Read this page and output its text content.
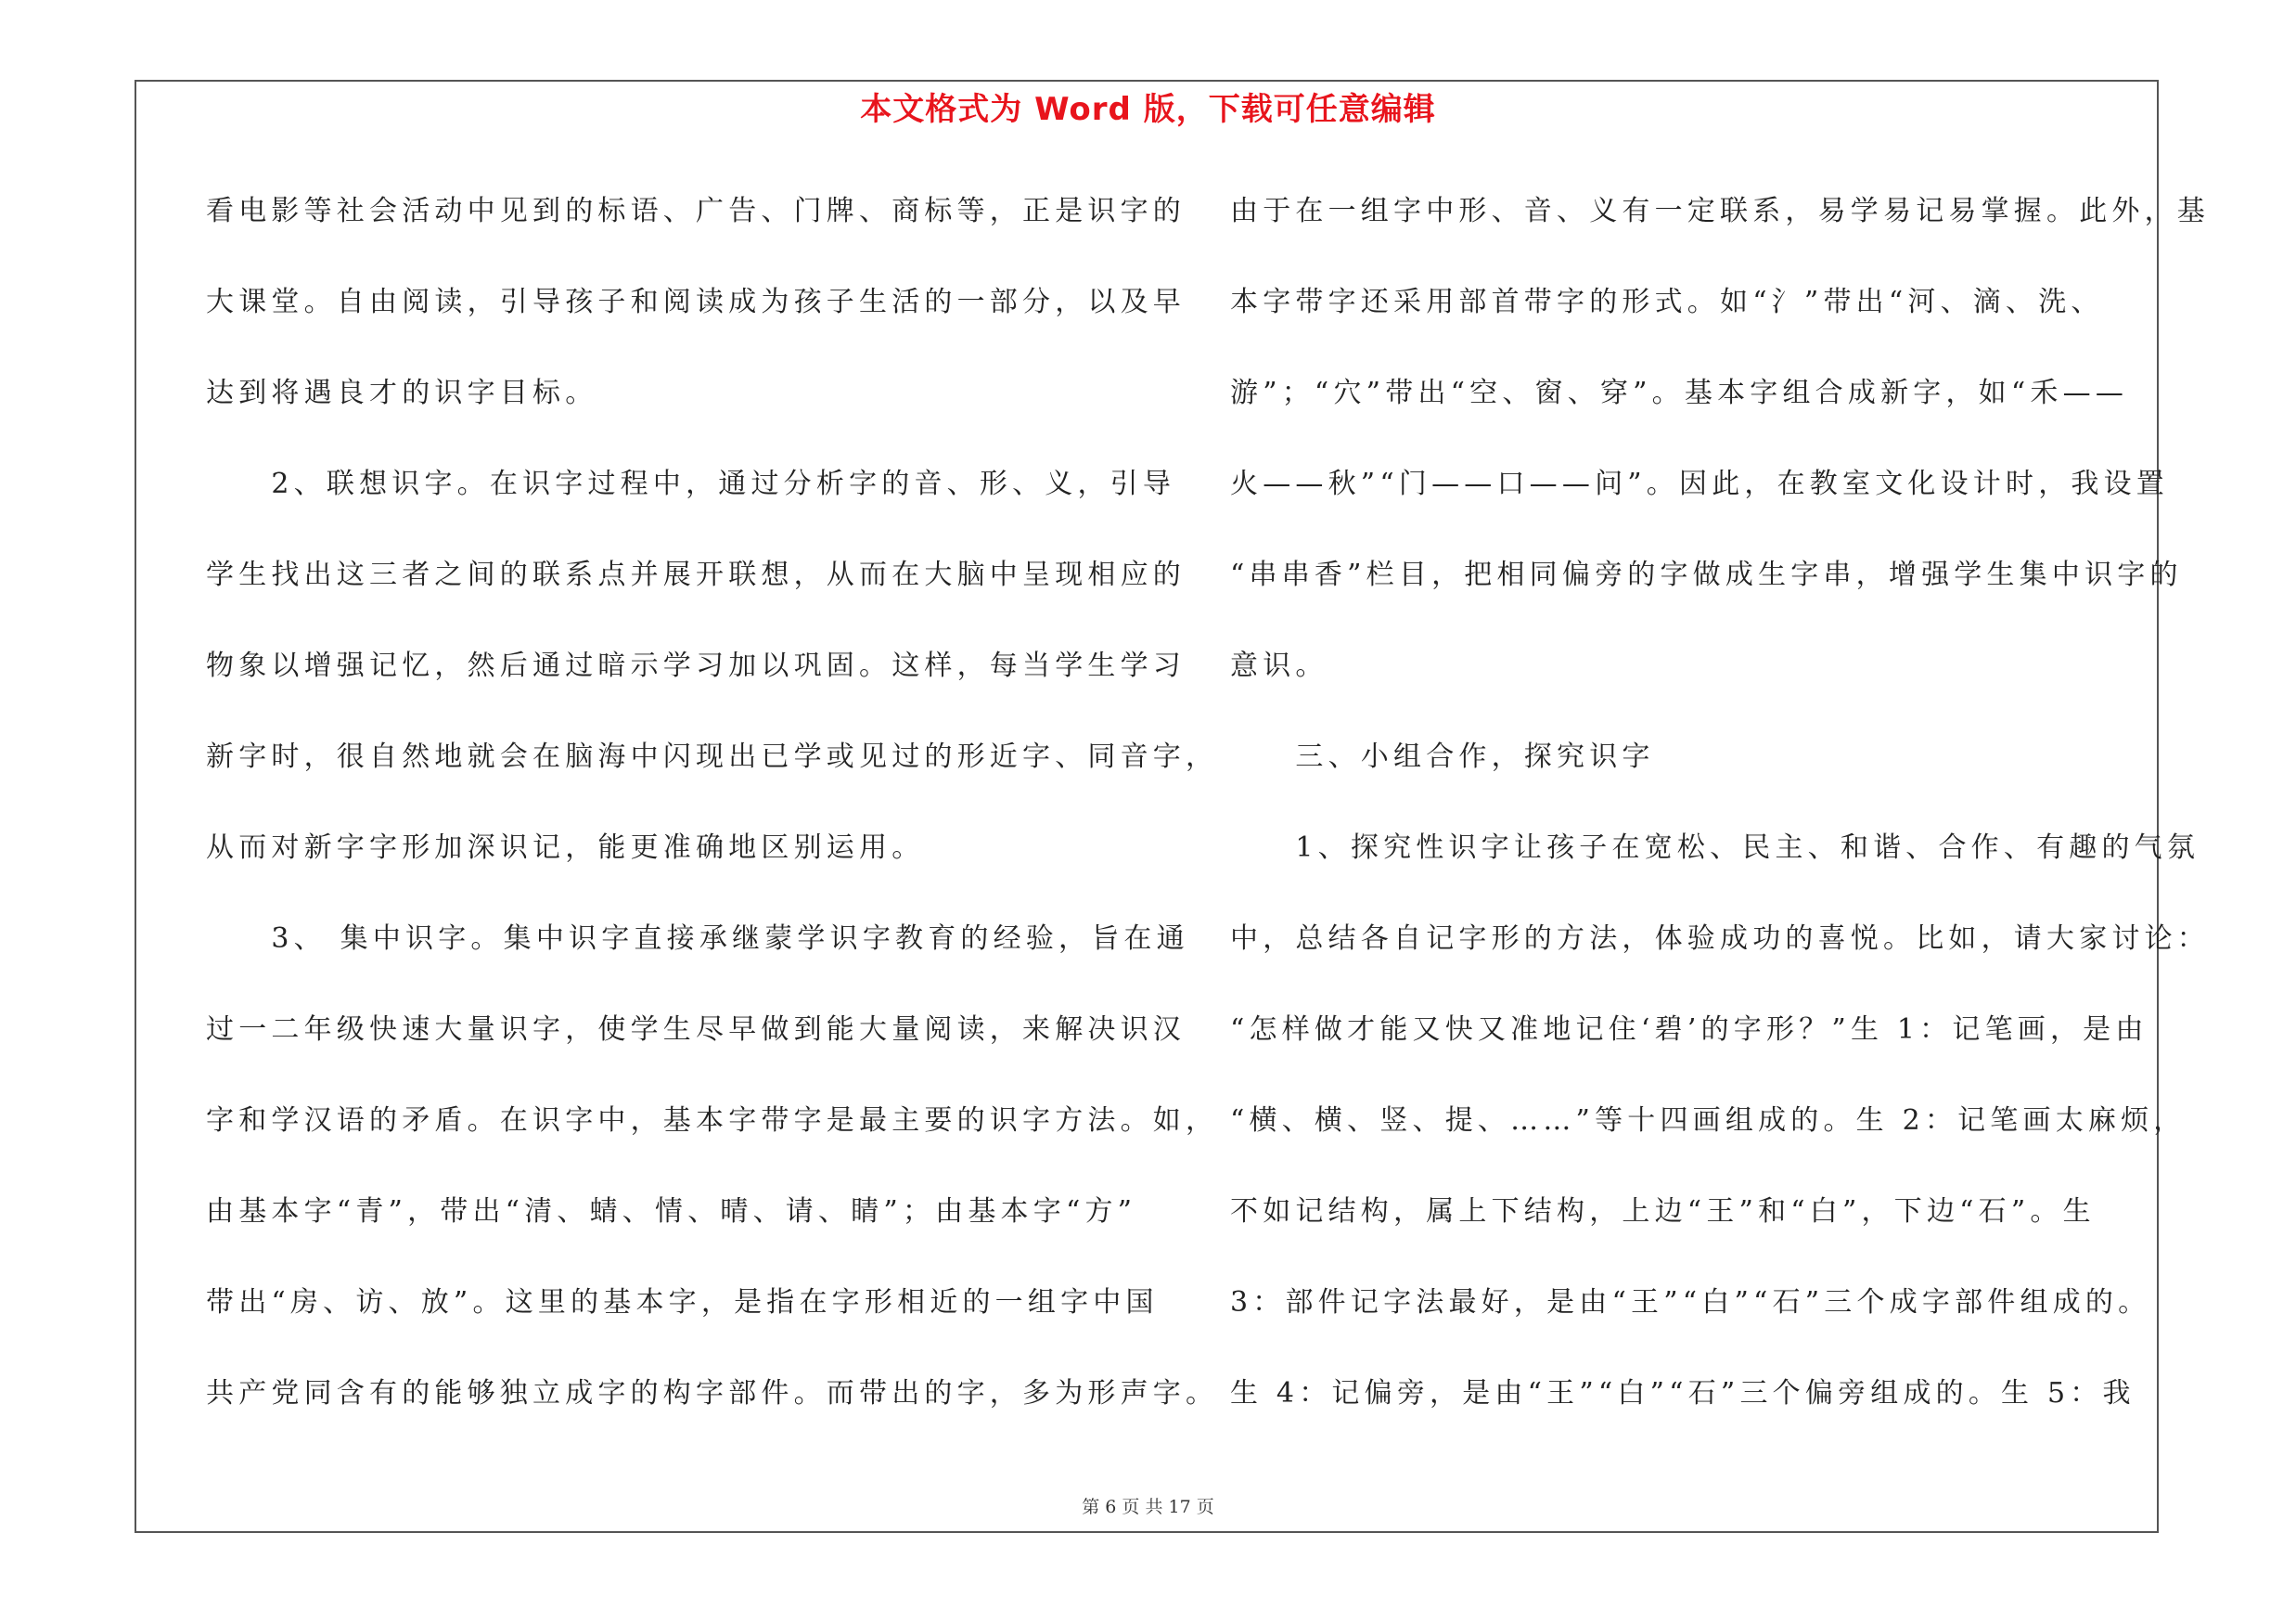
本文格式为 Word 版，下载可任意编辑
看电影等社会活动中见到的标语、广告、门牌、商标等，正是识字的
大课堂。自由阅读，引导孩子和阅读成为孩子生活的一部分，以及早
达到将遇良才的识字目标。
　　2、联想识字。在识字过程中，通过分析字的音、形、义，引导
学生找出这三者之间的联系点并展开联想，从而在大脑中呈现相应的
物象以增强记忆，然后通过暗示学习加以巩固。这样，每当学生学习
新字时，很自然地就会在脑海中闪现出已学或见过的形近字、同音字，
从而对新字字形加深识记，能更准确地区别运用。
　　3、 集中识字。集中识字直接承继蒙学识字教育的经验，旨在通
过一二年级快速大量识字，使学生尽早做到能大量阅读，来解决识汉
字和学汉语的矛盾。在识字中，基本字带字是最主要的识字方法。如，
由基本字“青”，带出“清、蜻、情、晴、请、睛”；由基本字“方”
带出“房、访、放”。这里的基本字，是指在字形相近的一组字中国
共产党同含有的能够独立成字的构字部件。而带出的字，多为形声字。
由于在一组字中形、音、义有一定联系，易学易记易掌握。此外，基
本字带字还采用部首带字的形式。如“氵”带出“河、滴、洗、
游”；“穴”带出“空、窗、穿”。基本字组合成新字，如“禾——
火——秋”“门——口——问”。因此，在教室文化设计时，我设置
“串串香”栏目，把相同偏旁的字做成生字串，增强学生集中识字的
意识。
　　三、小组合作，探究识字
　　1、探究性识字让孩子在宽松、民主、和谐、合作、有趣的气氛
中，总结各自记字形的方法，体验成功的喜悦。比如，请大家讨论：
“怎样做才能又快又准地记住‘碧’的字形？”生 1：记笔画，是由
“横、横、竖、提、……”等十四画组成的。生 2：记笔画太麻烦，
不如记结构，属上下结构，上边“王”和“白”，下边“石”。生
3：部件记字法最好，是由“王”“白”“石”三个成字部件组成的。
生 4：记偏旁，是由“王”“白”“石”三个偏旁组成的。生 5：我
第 6 页 共 17 页
